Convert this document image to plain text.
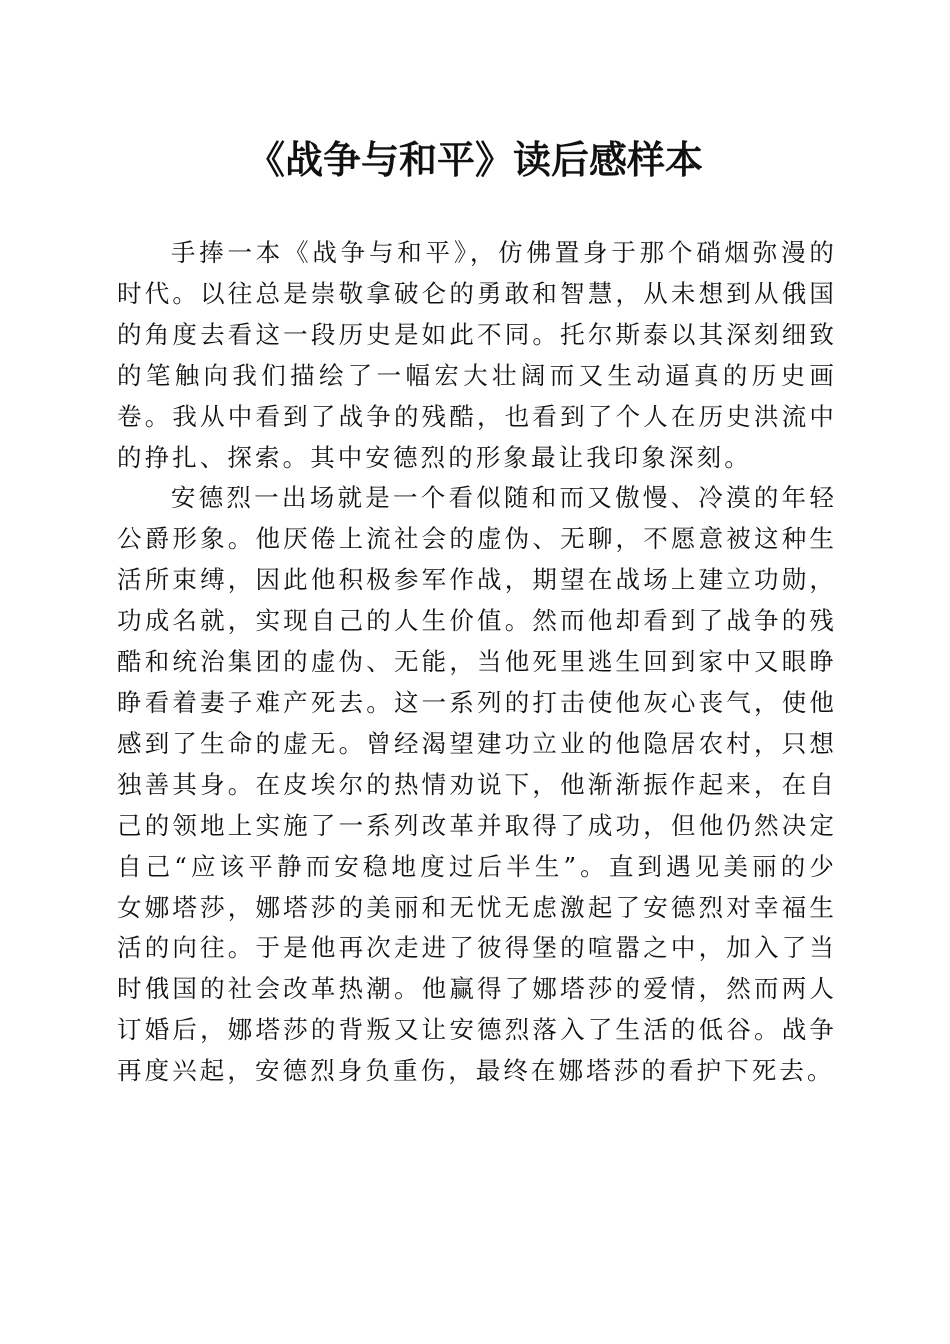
《战争与和平》读后感样本

手捧一本《战争与和平》，仿佛置身于那个硝烟弥漫的时代。以往总是崇敬拿破仑的勇敢和智慧，从未想到从俄国的角度去看这一段历史是如此不同。托尔斯泰以其深刻细致的笔触向我们描绘了一幅宏大壮阔而又生动逼真的历史画卷。我从中看到了战争的残酷，也看到了个人在历史洪流中的挣扎、探索。其中安德烈的形象最让我印象深刻。

安德烈一出场就是一个看似随和而又傲慢、冷漠的年轻公爵形象。他厌倦上流社会的虚伪、无聊，不愿意被这种生活所束缚，因此他积极参军作战，期望在战场上建立功勋，功成名就，实现自己的人生价值。然而他却看到了战争的残酷和统治集团的虚伪、无能，当他死里逃生回到家中又眼睁睁看着妻子难产死去。这一系列的打击使他灰心丧气，使他感到了生命的虚无。曾经渴望建功立业的他隐居农村，只想独善其身。在皮埃尔的热情劝说下，他渐渐振作起来，在自己的领地上实施了一系列改革并取得了成功，但他仍然决定自己“应该平静而安稳地度过后半生”。直到遇见美丽的少女娜塔莎，娜塔莎的美丽和无忧无虑激起了安德烈对幸福生活的向往。于是他再次走进了彼得堡的喧嚣之中，加入了当时俄国的社会改革热潮。他赢得了娜塔莎的爱情，然而两人订婚后，娜塔莎的背叛又让安德烈落入了生活的低谷。战争再度兴起，安德烈身负重伤，最终在娜塔莎的看护下死去。
